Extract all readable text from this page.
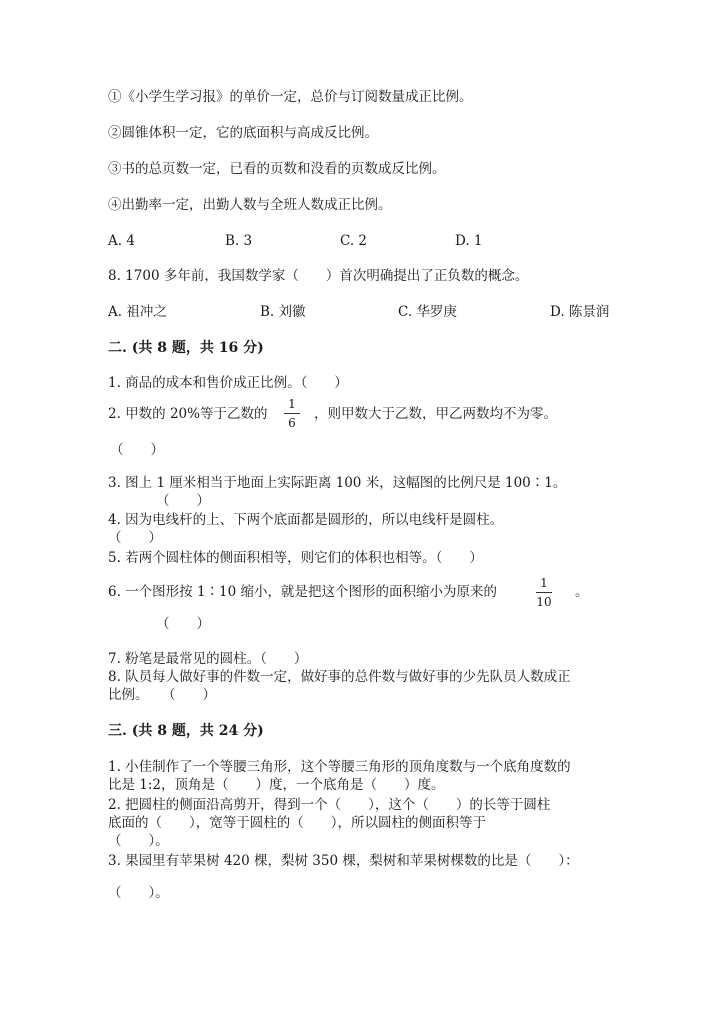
①《小学生学习报》的单价一定，总价与订阅数量成正比例。
②圆锥体积一定，它的底面积与高成反比例。
③书的总页数一定，已看的页数和没看的页数成反比例。
④出勤率一定，出勤人数与全班人数成正比例。
A. 4	B. 3	C. 2	D. 1
8. 1700 多年前，我国数学家（　　）首次明确提出了正负数的概念。
A. 祖冲之	B. 刘徽	C. 华罗庚	D. 陈景润
二. (共 8 题，共 16 分)
1. 商品的成本和售价成正比例。（　　）
2. 甲数的 20%等于乙数的
1
6
，则甲数大于乙数，甲乙两数均不为零。
（　　）
3. 图上 1 厘米相当于地面上实际距离 100 米，这幅图的比例尺是 100∶1。
（　　）
4. 因为电线杆的上、下两个底面都是圆形的，所以电线杆是圆柱。
（　　）
5. 若两个圆柱体的侧面积相等，则它们的体积也相等。（　　）
6. 一个图形按 1∶10 缩小，就是把这个图形的面积缩小为原来的
1
10
。
（　　）
7. 粉笔是最常见的圆柱。（　　）
8. 队员每人做好事的件数一定，做好事的总件数与做好事的少先队员人数成正
比例。　　（　　）
三. (共 8 题，共 24 分)
1. 小佳制作了一个等腰三角形，这个等腰三角形的顶角度数与一个底角度数的
比是 1:2，顶角是（　　）度，一个底角是（　　）度。
2. 把圆柱的侧面沿高剪开，得到一个（　　），这个（　　）的长等于圆柱
底面的（　　），宽等于圆柱的（　　），所以圆柱的侧面积等于
（　　）。
3. 果园里有苹果树 420 棵，梨树 350 棵，梨树和苹果树棵数的比是（　　）：
（　　）。
